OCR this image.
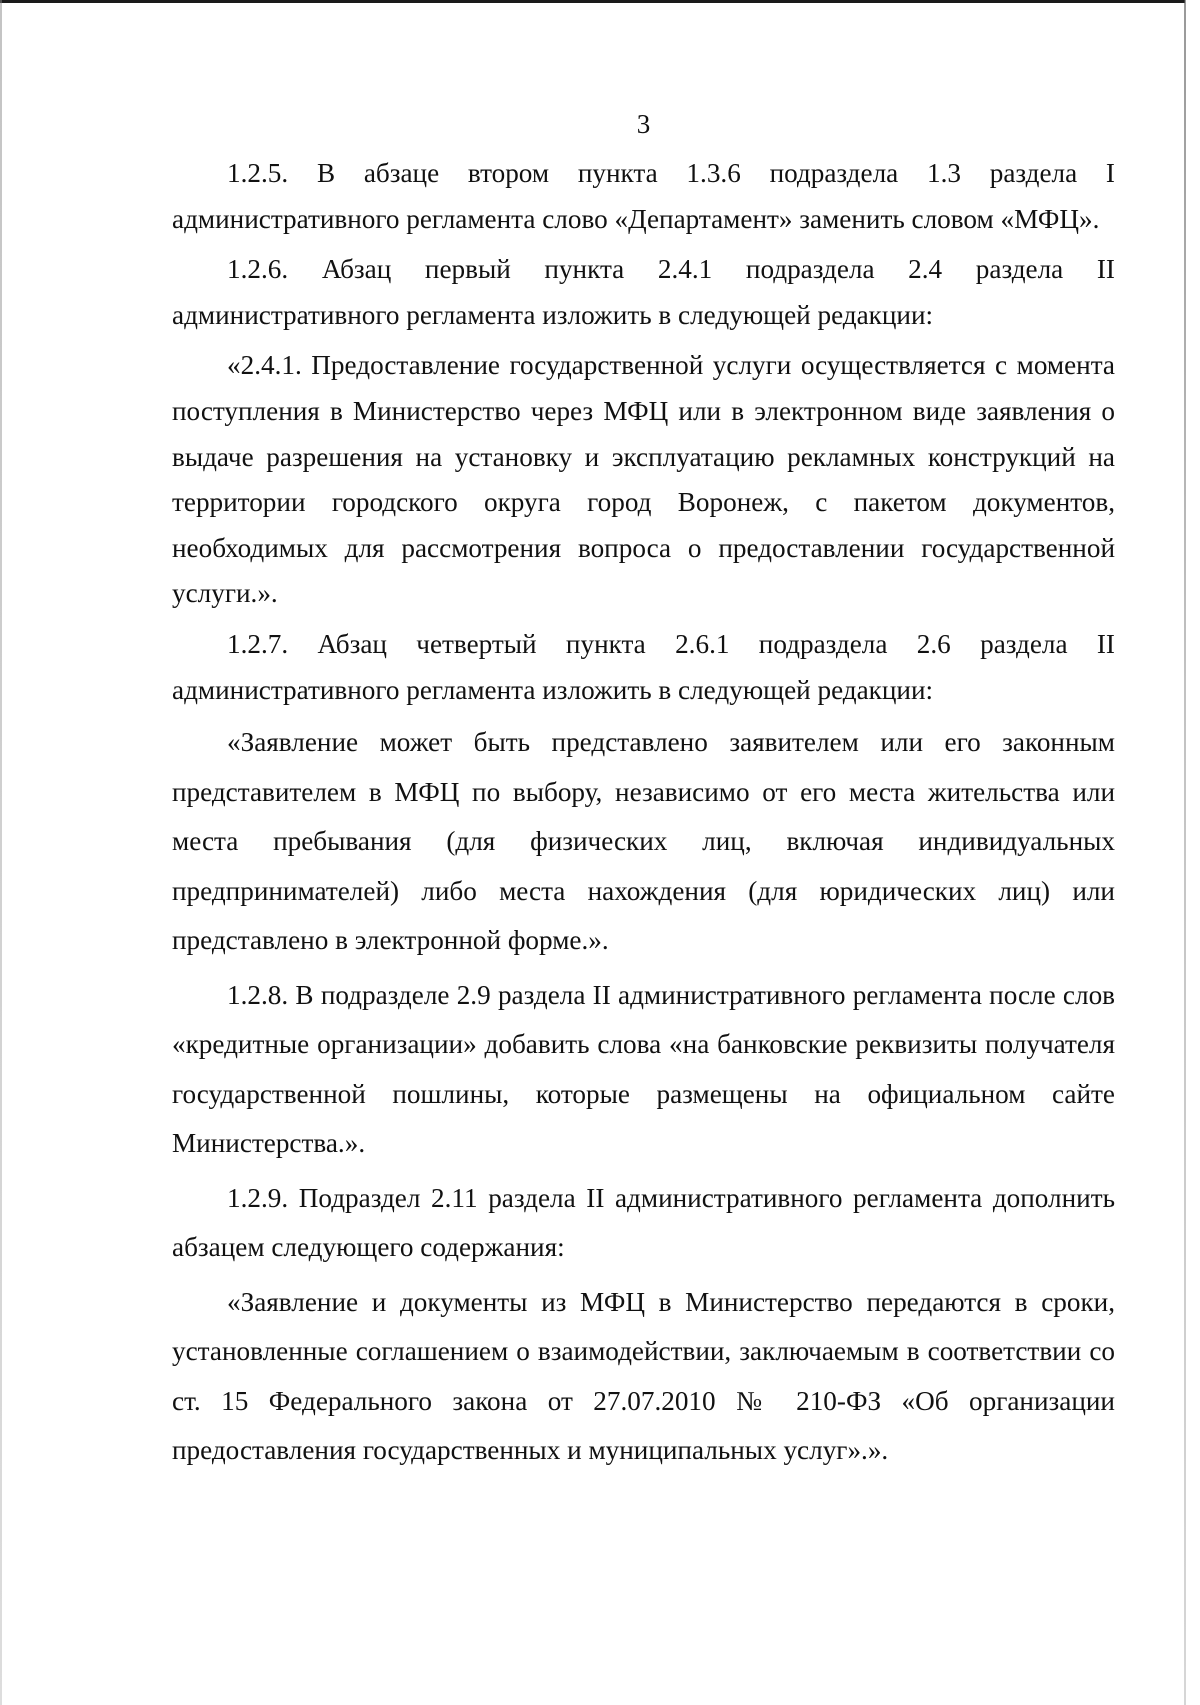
3

1.2.5. В абзаце втором пункта 1.3.6 подраздела 1.3 раздела I административного регламента слово «Департамент» заменить словом «МФЦ».

1.2.6. Абзац первый пункта 2.4.1 подраздела 2.4 раздела II административного регламента изложить в следующей редакции:

«2.4.1. Предоставление государственной услуги осуществляется с момента поступления в Министерство через МФЦ или в электронном виде заявления о выдаче разрешения на установку и эксплуатацию рекламных конструкций на территории городского округа город Воронеж, с пакетом документов, необходимых для рассмотрения вопроса о предоставлении государственной услуги.».

1.2.7. Абзац четвертый пункта 2.6.1 подраздела 2.6 раздела II административного регламента изложить в следующей редакции:

«Заявление может быть представлено заявителем или его законным представителем в МФЦ по выбору, независимо от его места жительства или места пребывания (для физических лиц, включая индивидуальных предпринимателей) либо места нахождения (для юридических лиц) или представлено в электронной форме.».

1.2.8. В подразделе 2.9 раздела II административного регламента после слов «кредитные организации» добавить слова «на банковские реквизиты получателя государственной пошлины, которые размещены на официальном сайте Министерства.».

1.2.9. Подраздел 2.11 раздела II административного регламента дополнить абзацем следующего содержания:

«Заявление и документы из МФЦ в Министерство передаются в сроки, установленные соглашением о взаимодействии, заключаемым в соответствии со ст. 15 Федерального закона от 27.07.2010 № 210-ФЗ «Об организации предоставления государственных и муниципальных услуг».».
